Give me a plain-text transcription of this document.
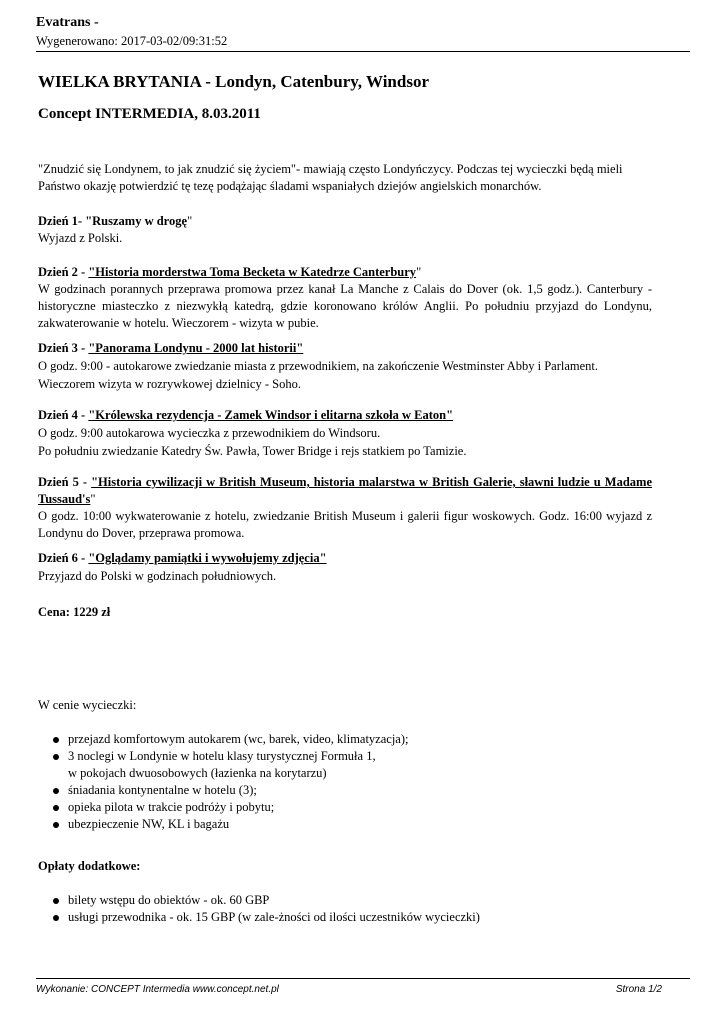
Evatrans -
Wygenerowano: 2017-03-02/09:31:52
WIELKA BRYTANIA - Londyn, Catenbury, Windsor
Concept INTERMEDIA, 8.03.2011
"Znudzić się Londynem, to jak znudzić się życiem"- mawiają często Londyńczycy. Podczas tej wycieczki będą mieli Państwo okazję potwierdzić tę tezę podążając śladami wspaniałych dziejów angielskich monarchów.
Dzień 1- "Ruszamy w drogę"
Wyjazd z Polski.
Dzień 2 - "Historia morderstwa Toma Becketa w Katedrze Canterbury"
W godzinach porannych przeprawa promowa przez kanał La Manche z Calais do Dover (ok. 1,5 godz.). Canterbury - historyczne miasteczko z niezwykłą katedrą, gdzie koronowano królów Anglii. Po południu przyjazd do Londynu, zakwaterowanie w hotelu. Wieczorem - wizyta w pubie.
Dzień 3 - "Panorama Londynu - 2000 lat historii"
O godz. 9:00 - autokarowe zwiedzanie miasta z przewodnikiem, na zakończenie Westminster Abby i Parlament. Wieczorem wizyta w rozrywkowej dzielnicy - Soho.
Dzień 4 - "Królewska rezydencja - Zamek Windsor i elitarna szkoła w Eaton"
O godz. 9:00 autokarowa wycieczka z przewodnikiem do Windsoru.
Po południu zwiedzanie Katedry Św. Pawła, Tower Bridge i rejs statkiem po Tamizie.
Dzień 5 - "Historia cywilizacji w British Museum, historia malarstwa w British Galerie, sławni ludzie u Madame Tussaud's"
O godz. 10:00 wykwaterowanie z hotelu, zwiedzanie British Museum i galerii figur woskowych. Godz. 16:00 wyjazd z Londynu do Dover, przeprawa promowa.
Dzień 6 - "Oglądamy pamiątki i wywołujemy zdjęcia"
Przyjazd do Polski w godzinach południowych.
Cena: 1229 zł
W cenie wycieczki:
przejazd komfortowym autokarem (wc, barek, video, klimatyzacja);
3 noclegi w Londynie w hotelu klasy turystycznej Formuła 1,
w pokojach dwuosobowych (łazienka na korytarzu)
śniadania kontynentalne w hotelu (3);
opieka pilota w trakcie podróży i pobytu;
ubezpieczenie NW, KL i bagażu
Opłaty dodatkowe:
bilety wstępu do obiektów - ok. 60 GBP
usługi przewodnika - ok. 15 GBP (w zale-żności od ilości uczestników wycieczki)
Wykonanie: CONCEPT Intermedia www.concept.net.pl	Strona 1/2
